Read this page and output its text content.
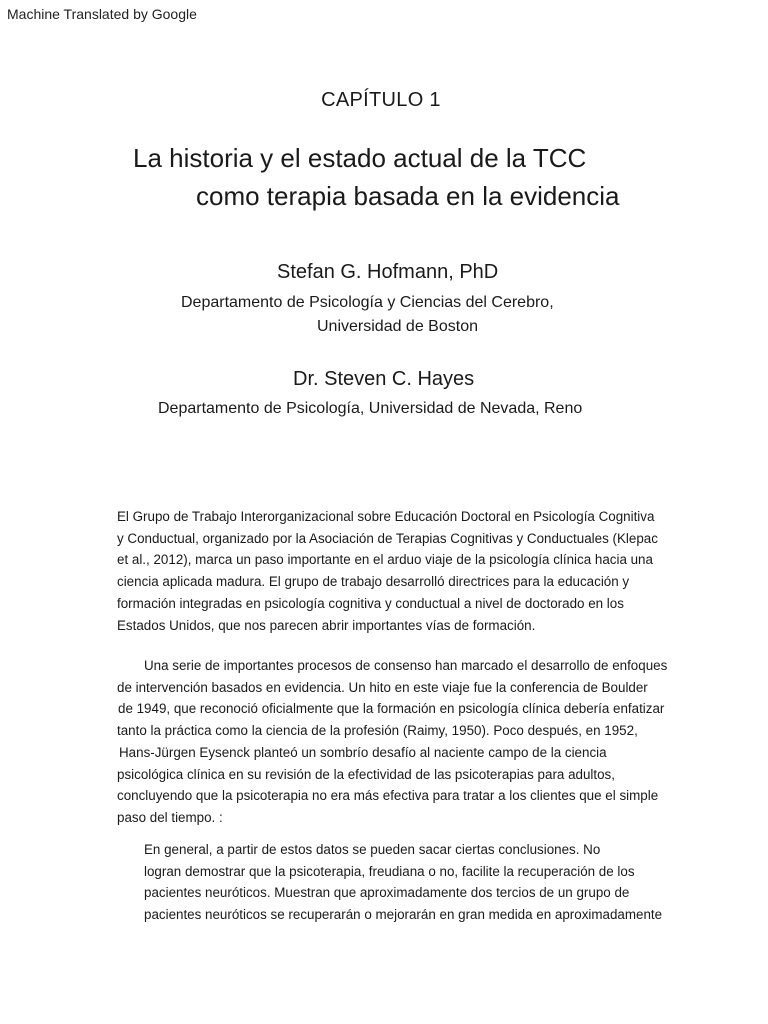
Machine Translated by Google
CAPÍTULO 1
La historia y el estado actual de la TCC
como terapia basada en la evidencia
Stefan G. Hofmann, PhD
Departamento de Psicología y Ciencias del Cerebro,
Universidad de Boston
Dr. Steven C. Hayes
Departamento de Psicología, Universidad de Nevada, Reno
El Grupo de Trabajo Interorganizacional sobre Educación Doctoral en Psicología Cognitiva
y Conductual, organizado por la Asociación de Terapias Cognitivas y Conductuales (Klepac
et al., 2012), marca un paso importante en el arduo viaje de la psicología clínica hacia una
ciencia aplicada madura. El grupo de trabajo desarrolló directrices para la educación y
formación integradas en psicología cognitiva y conductual a nivel de doctorado en los
Estados Unidos, que nos parecen abrir importantes vías de formación.
Una serie de importantes procesos de consenso han marcado el desarrollo de enfoques
de intervención basados en evidencia. Un hito en este viaje fue la conferencia de Boulder
de 1949, que reconoció oficialmente que la formación en psicología clínica debería enfatizar
tanto la práctica como la ciencia de la profesión (Raimy, 1950). Poco después, en 1952,
Hans-Jürgen Eysenck planteó un sombrío desafío al naciente campo de la ciencia
psicológica clínica en su revisión de la efectividad de las psicoterapias para adultos,
concluyendo que la psicoterapia no era más efectiva para tratar a los clientes que el simple
paso del tiempo. :
En general, a partir de estos datos se pueden sacar ciertas conclusiones. No
logran demostrar que la psicoterapia, freudiana o no, facilite la recuperación de los
pacientes neuróticos. Muestran que aproximadamente dos tercios de un grupo de
pacientes neuróticos se recuperarán o mejorarán en gran medida en aproximadamente
